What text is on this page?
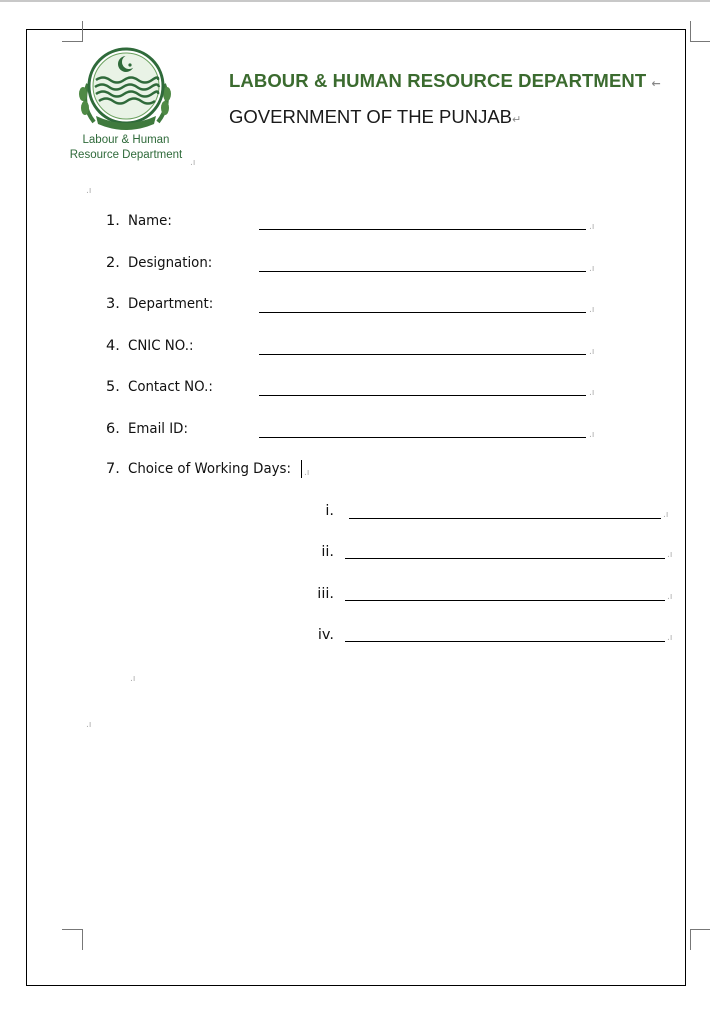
Labour & Human
Resource Department
LABOUR & HUMAN RESOURCE DEPARTMENT ←
GOVERNMENT OF THE PUNJAB↵
.ı
.ı
1. Name:	.ı
2. Designation:	.ı
3. Department:	.ı
4. CNIC NO.:	.ı
5. Contact NO.:	.ı
6. Email ID:	.ı
7. Choice of Working Days: .ı
i.	.ı
ii.	.ı
iii.	.ı
iv.	.ı
.ı
.ı
